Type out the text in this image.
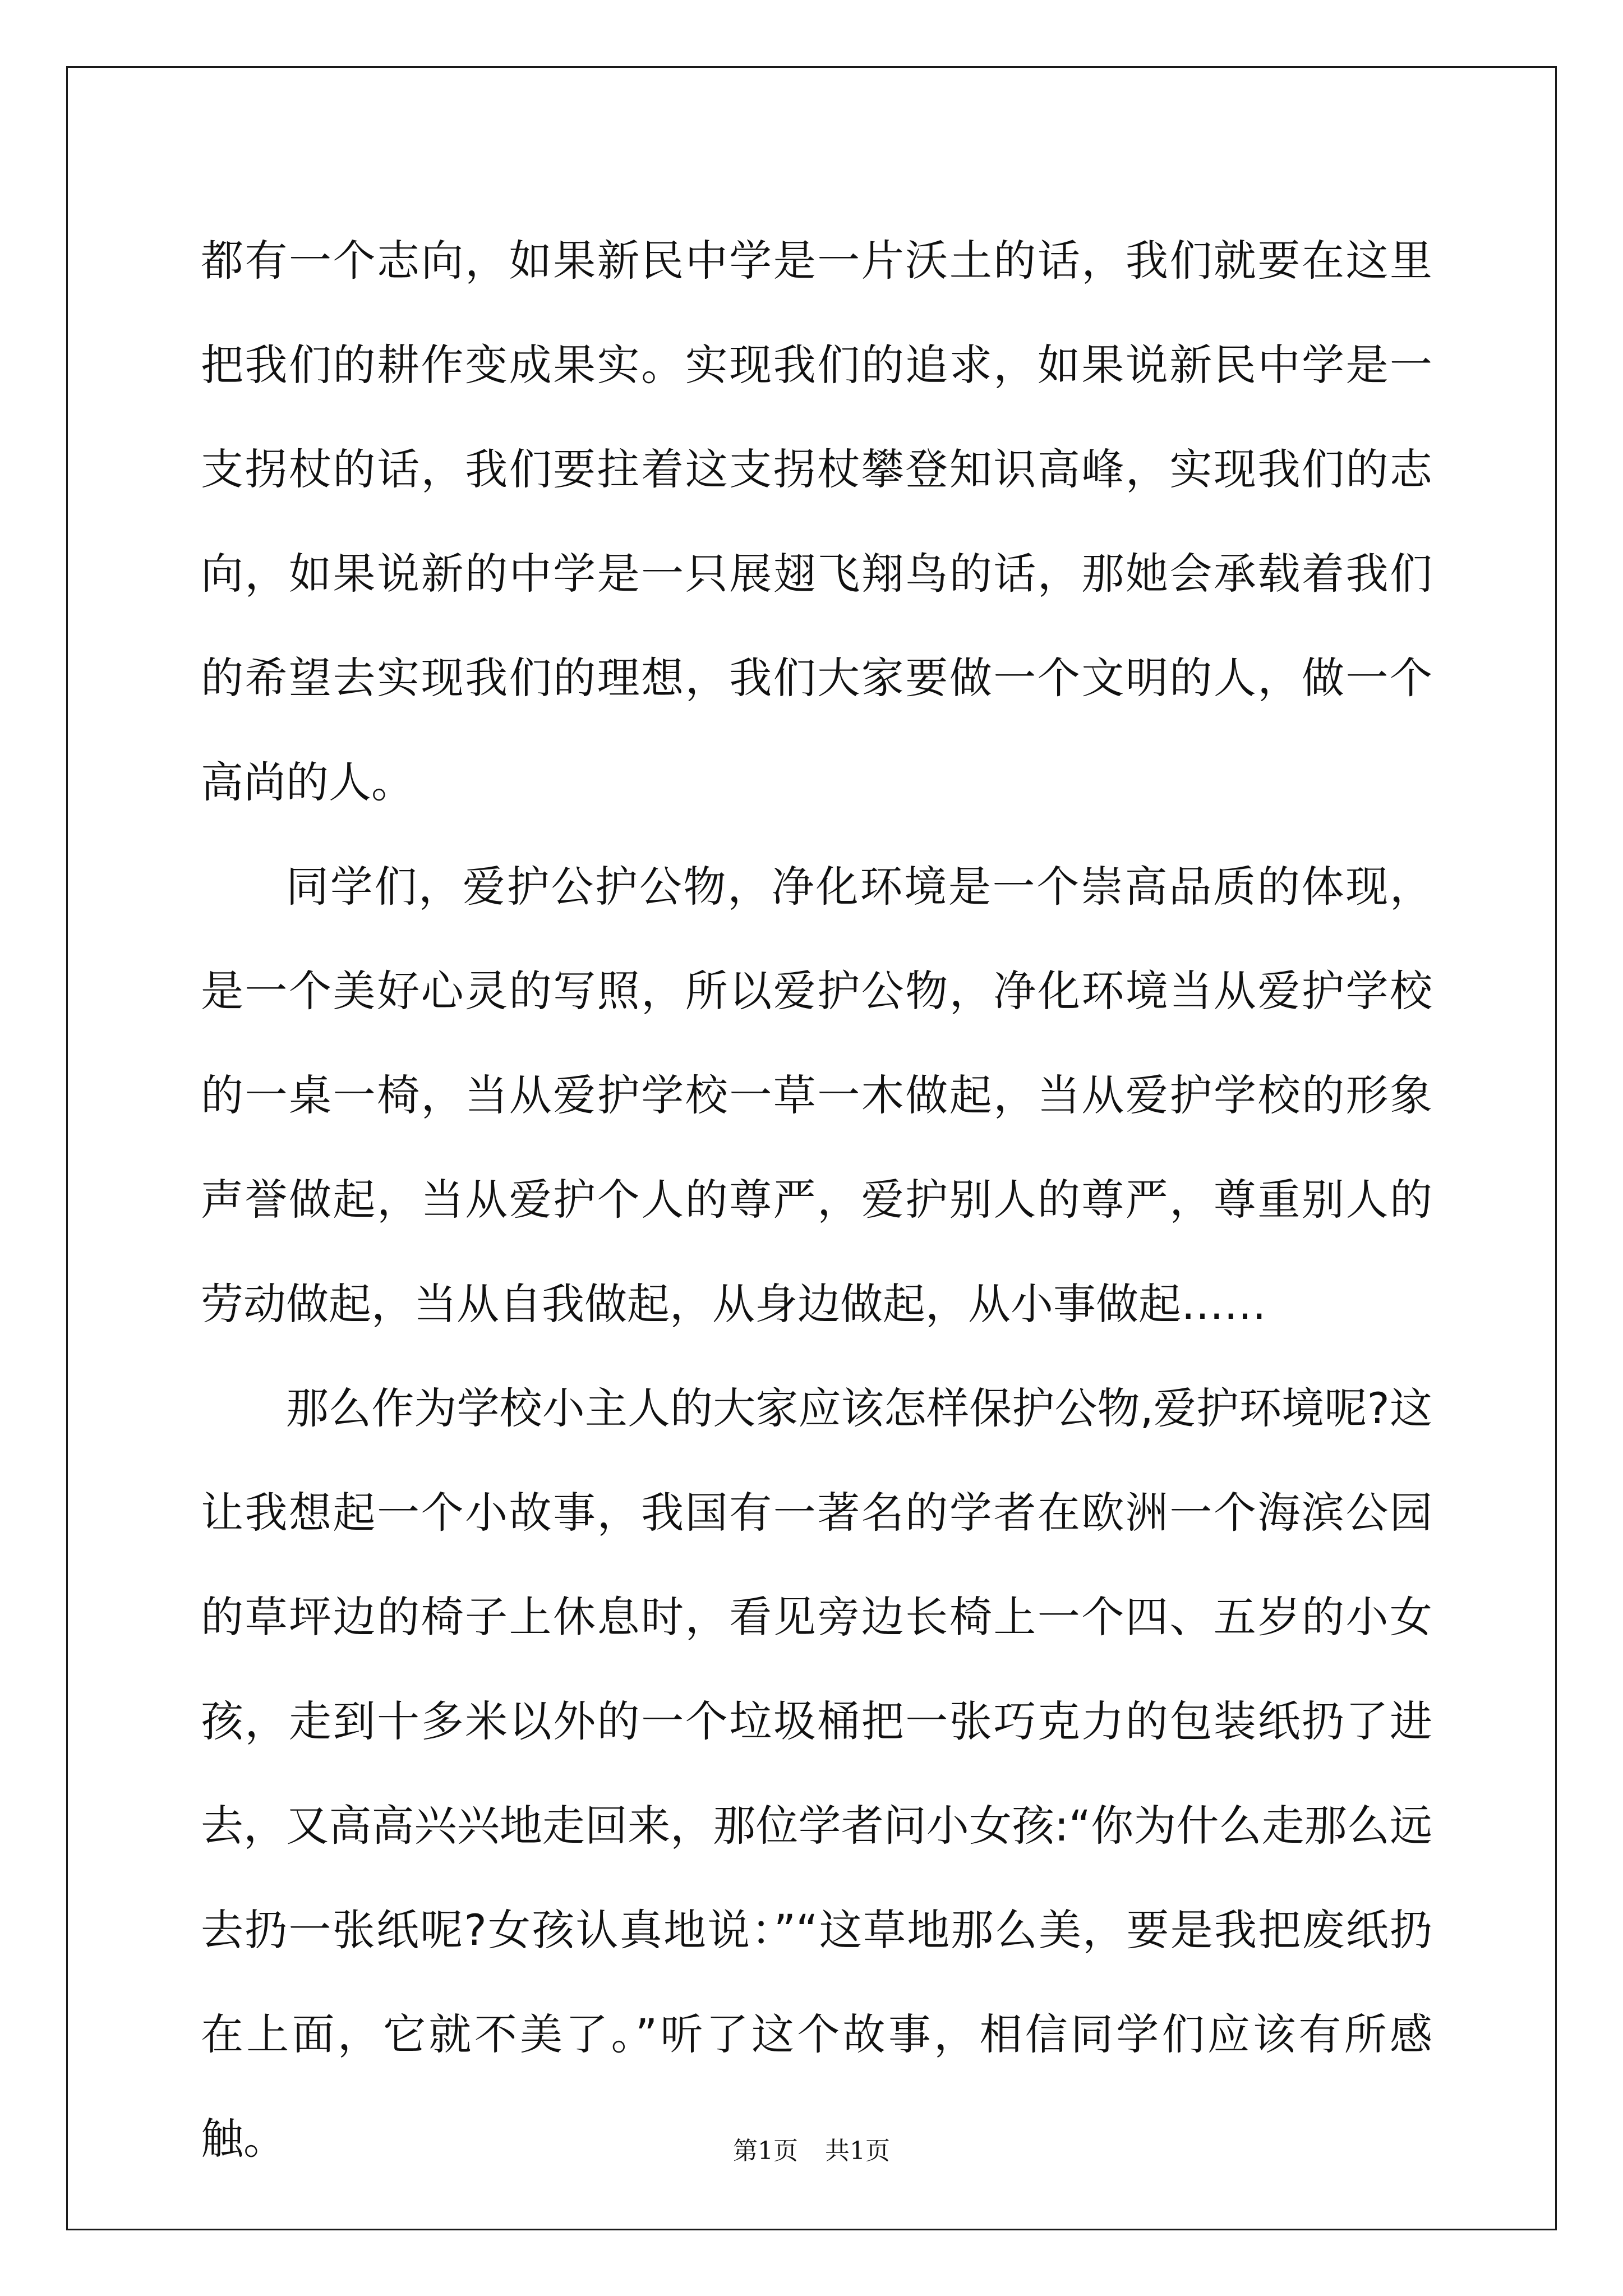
都有一个志向，如果新民中学是一片沃土的话，我们就要在这里把我们的耕作变成果实。实现我们的追求，如果说新民中学是一支拐杖的话，我们要拄着这支拐杖攀登知识高峰，实现我们的志向，如果说新的中学是一只展翅飞翔鸟的话，那她会承载着我们的希望去实现我们的理想，我们大家要做一个文明的人，做一个高尚的人。

同学们，爱护公护公物，净化环境是一个崇高品质的体现，是一个美好心灵的写照，所以爱护公物，净化环境当从爱护学校的一桌一椅，当从爱护学校一草一木做起，当从爱护学校的形象声誉做起，当从爱护个人的尊严，爱护别人的尊严，尊重别人的劳动做起，当从自我做起，从身边做起，从小事做起……

那么作为学校小主人的大家应该怎样保护公物,爱护环境呢?这让我想起一个小故事，我国有一著名的学者在欧洲一个海滨公园的草坪边的椅子上休息时，看见旁边长椅上一个四、五岁的小女孩，走到十多米以外的一个垃圾桶把一张巧克力的包装纸扔了进去，又高高兴兴地走回来，那位学者问小女孩:“你为什么走那么远去扔一张纸呢?女孩认真地说：”“这草地那么美，要是我把废纸扔在上面，它就不美了。”听了这个故事，相信同学们应该有所感触。	第1页 共1页
